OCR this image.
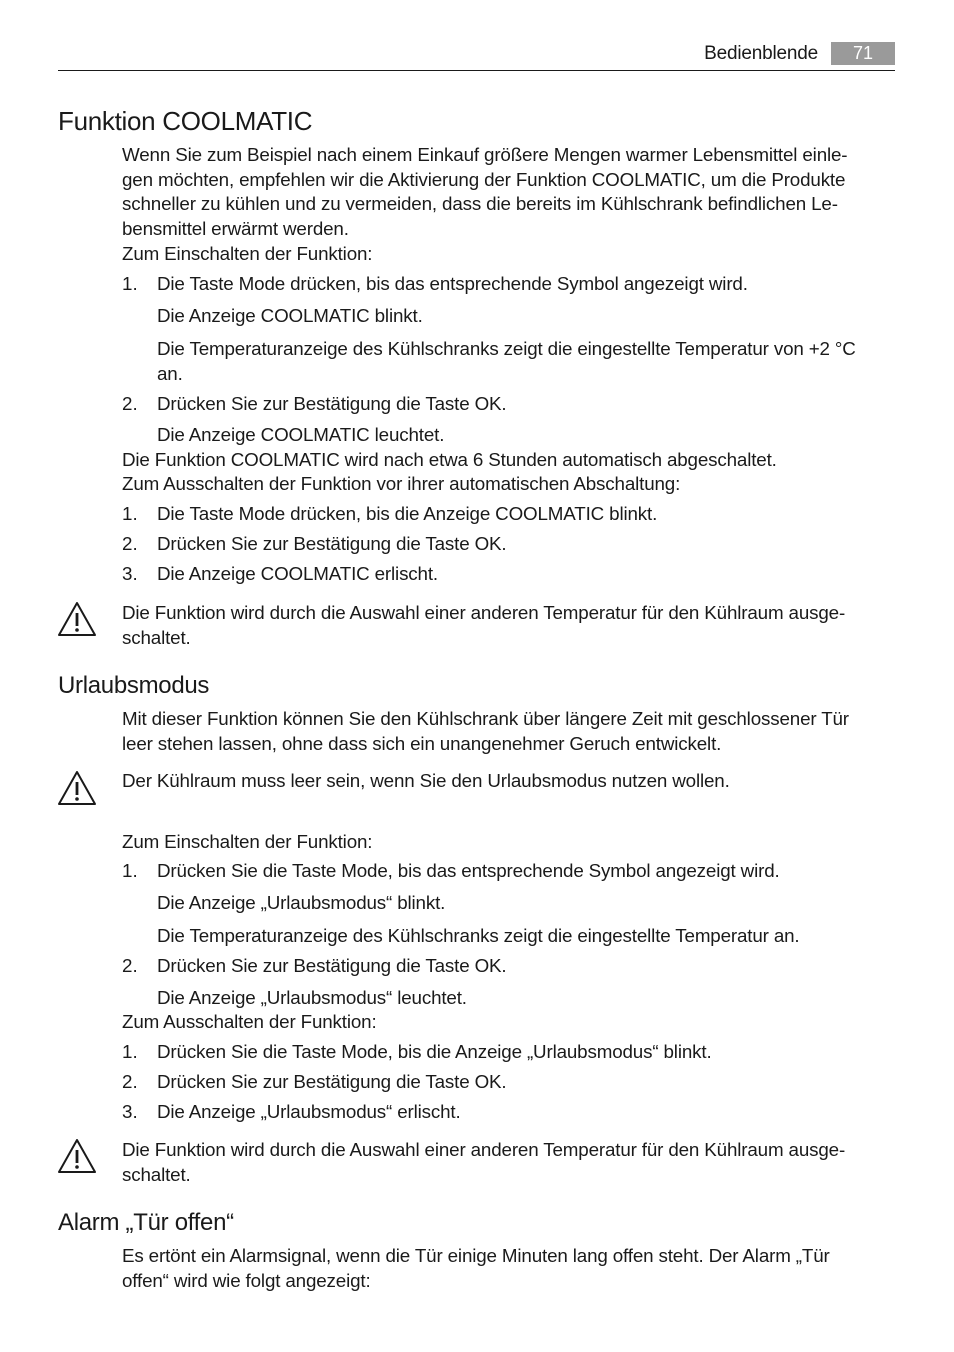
Bedienblende	71
Funktion COOLMATIC
Wenn Sie zum Beispiel nach einem Einkauf größere Mengen warmer Lebensmittel einle-
gen möchten, empfehlen wir die Aktivierung der Funktion COOLMATIC, um die Produkte
schneller zu kühlen und zu vermeiden, dass die bereits im Kühlschrank befindlichen Le-
bensmittel erwärmt werden.
Zum Einschalten der Funktion:
1. Die Taste Mode drücken, bis das entsprechende Symbol angezeigt wird.
Die Anzeige COOLMATIC blinkt.
Die Temperaturanzeige des Kühlschranks zeigt die eingestellte Temperatur von +2 °C
an.
2. Drücken Sie zur Bestätigung die Taste OK.
Die Anzeige COOLMATIC leuchtet.
Die Funktion COOLMATIC wird nach etwa 6 Stunden automatisch abgeschaltet.
Zum Ausschalten der Funktion vor ihrer automatischen Abschaltung:
1. Die Taste Mode drücken, bis die Anzeige COOLMATIC blinkt.
2. Drücken Sie zur Bestätigung die Taste OK.
3. Die Anzeige COOLMATIC erlischt.
Die Funktion wird durch die Auswahl einer anderen Temperatur für den Kühlraum ausge-
schaltet.
Urlaubsmodus
Mit dieser Funktion können Sie den Kühlschrank über längere Zeit mit geschlossener Tür
leer stehen lassen, ohne dass sich ein unangenehmer Geruch entwickelt.
Der Kühlraum muss leer sein, wenn Sie den Urlaubsmodus nutzen wollen.
Zum Einschalten der Funktion:
1. Drücken Sie die Taste Mode, bis das entsprechende Symbol angezeigt wird.
Die Anzeige „Urlaubsmodus“ blinkt.
Die Temperaturanzeige des Kühlschranks zeigt die eingestellte Temperatur an.
2. Drücken Sie zur Bestätigung die Taste OK.
Die Anzeige „Urlaubsmodus“ leuchtet.
Zum Ausschalten der Funktion:
1. Drücken Sie die Taste Mode, bis die Anzeige „Urlaubsmodus“ blinkt.
2. Drücken Sie zur Bestätigung die Taste OK.
3. Die Anzeige „Urlaubsmodus“ erlischt.
Die Funktion wird durch die Auswahl einer anderen Temperatur für den Kühlraum ausge-
schaltet.
Alarm „Tür offen“
Es ertönt ein Alarmsignal, wenn die Tür einige Minuten lang offen steht. Der Alarm „Tür
offen“ wird wie folgt angezeigt:
